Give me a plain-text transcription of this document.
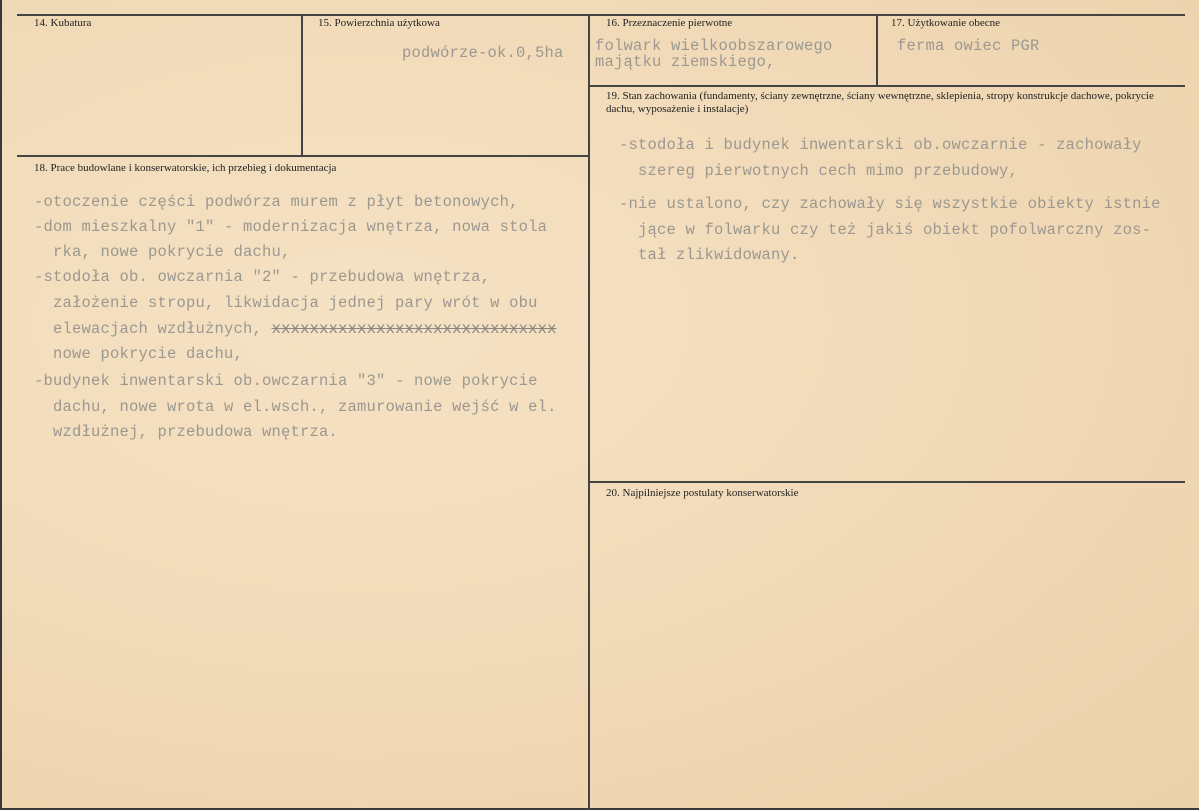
14. Kubatura	15. Powierzchnia użytkowa
podwórze-ok.0,5ha
16. Przeznaczenie pierwotne
folwark wielkoobszarowego
majątku ziemskiego,
17. Użytkowanie obecne
ferma owiec PGR
19. Stan zachowania (fundamenty, ściany zewnętrzne, ściany wewnętrzne, sklepienia, stropy konstrukcje dachowe, pokrycie dachu, wyposażenie i instalacje)
-stodoła i budynek inwentarski ob.owczarnie - zachowały
szereg pierwotnych cech mimo przebudowy,
-nie ustalono, czy zachowały się wszystkie obiekty istnie
jące w folwarku czy też jakiś obiekt pofolwarczny zos-
tał zlikwidowany.
18. Prace budowlane i konserwatorskie, ich przebieg i dokumentacja
-otoczenie części podwórza murem z płyt betonowych,
-dom mieszkalny "1" - modernizacja wnętrza, nowa stola
rka, nowe pokrycie dachu,
-stodoła ob. owczarnia "2" - przebudowa wnętrza,
założenie stropu, likwidacja jednej pary wrót w obu
elewacjach wzdłużnych, xxxxxxxxxxxxxxxxxxxxxxxxxxxxxx
nowe pokrycie dachu,
-budynek inwentarski ob.owczarnia "3" - nowe pokrycie
dachu, nowe wrota w el.wsch., zamurowanie wejść w el.
wzdłużnej, przebudowa wnętrza.
20. Najpilniejsze postulaty konserwatorskie
